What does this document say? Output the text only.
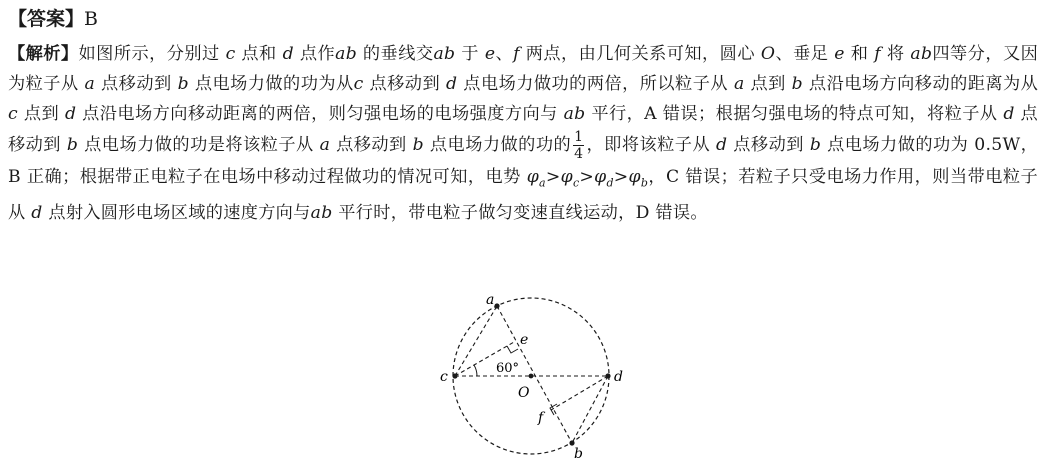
【答案】B

【解析】如图所示，分别过 c 点和 d 点作ab 的垂线交ab 于 e、f 两点，由几何关系可知，圆心 O、垂足 e 和 f 将 ab四等分，又因为粒子从 a 点移动到 b 点电场力做的功为从c 点移动到 d 点电场力做功的两倍，所以粒子从 a 点到 b 点沿电场方向移动的距离为从c 点到 d 点沿电场方向移动距离的两倍，则匀强电场的电场强度方向与 ab 平行，A 错误；根据匀强电场的特点可知，将粒子从 d 点移动到 b 点电场力做的功是将该粒子从 a 点移动到 b 点电场力做的功的 $\frac{1}{4}$ ，即将该粒子从 d 点移动到 b 点电场力做的功为 0.5W，B 正确；根据带正电粒子在电场中移动过程做功的情况可知，电势 $\varphi_a>\varphi_c>\varphi_d>\varphi_b$，C 错误；若粒子只受电场力作用，则当带电粒子从 d 点射入圆形电场区域的速度方向与ab 平行时，带电粒子做匀变速直线运动，D 错误。

a
b
c	d
e
f
O
60°
